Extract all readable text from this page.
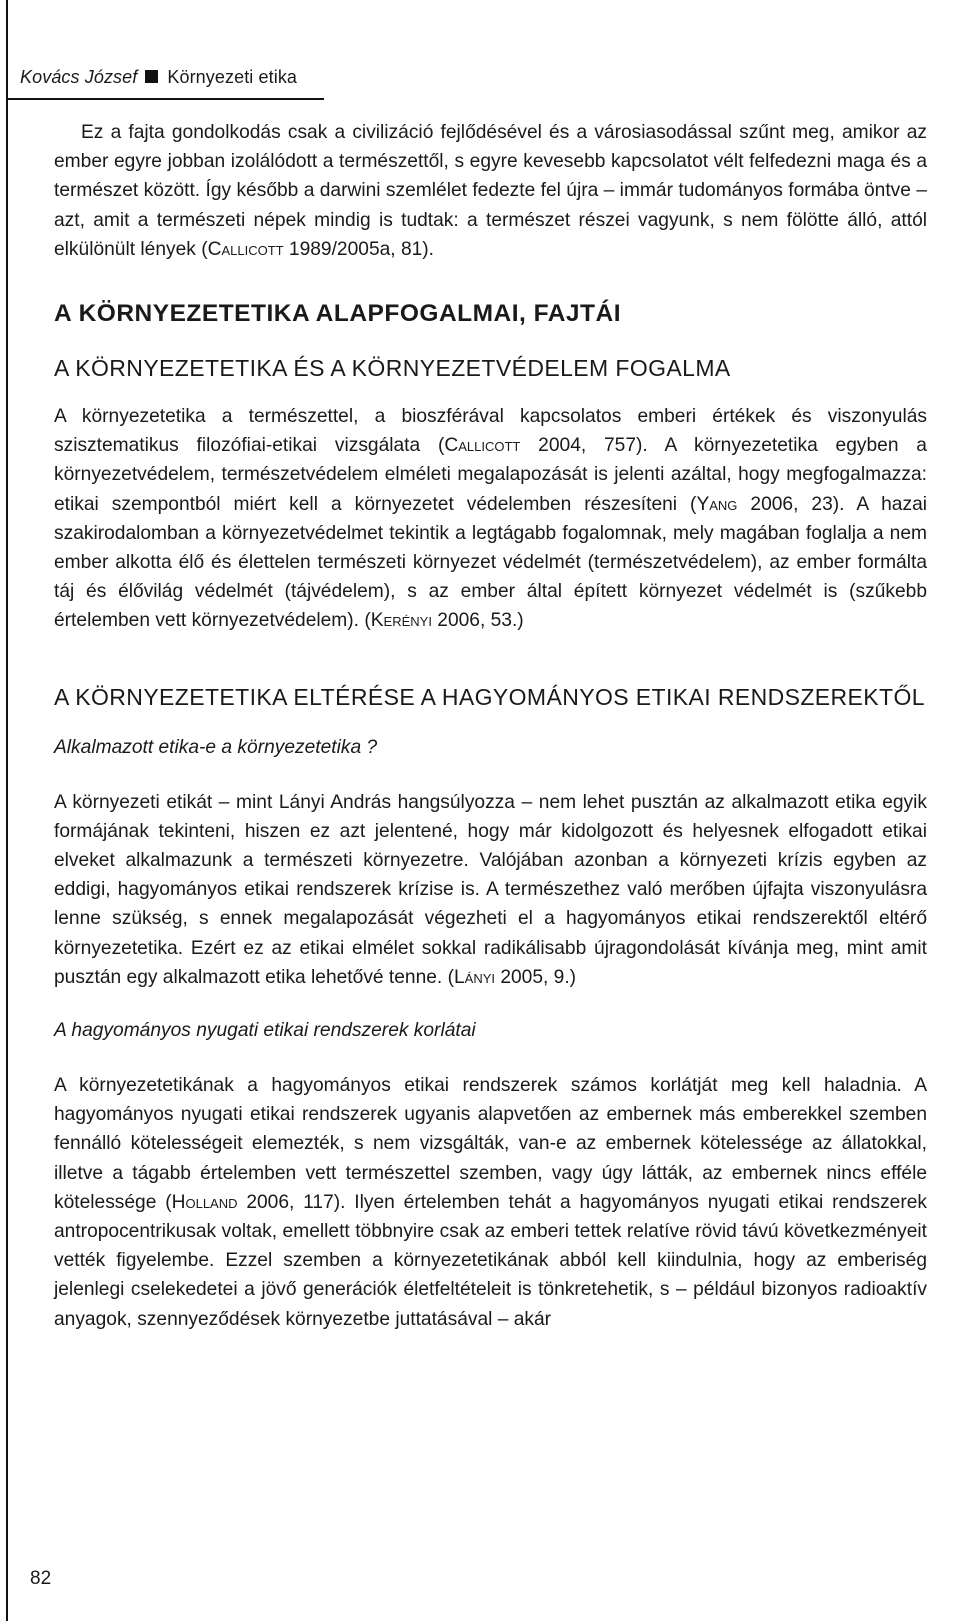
Kovács József Környezeti etika

Ez a fajta gondolkodás csak a civilizáció fejlődésével és a városiasodással szűnt meg, amikor az ember egyre jobban izolálódott a természettől, s egyre kevesebb kapcsolatot vélt felfedezni maga és a természet között. Így később a darwini szemlélet fedezte fel újra – immár tudományos formába öntve – azt, amit a természeti népek mindig is tudtak: a természet részei vagyunk, s nem fölötte álló, attól elkülönült lények (Callicott 1989/2005a, 81).

A KÖRNYEZETETIKA ALAPFOGALMAI, FAJTÁI
A KÖRNYEZETETIKA ÉS A KÖRNYEZETVÉDELEM FOGALMA

A környezetetika a természettel, a bioszférával kapcsolatos emberi értékek és viszonyulás szisztematikus filozófiai-etikai vizsgálata (Callicott 2004, 757). A környezetetika egyben a környezetvédelem, természetvédelem elméleti megalapozását is jelenti azáltal, hogy megfogalmazza: etikai szempontból miért kell a környezetet védelemben részesíteni (Yang 2006, 23). A hazai szakirodalomban a környezetvédelmet tekintik a legtágabb fogalomnak, mely magában foglalja a nem ember alkotta élő és élettelen természeti környezet védelmét (természetvédelem), az ember formálta táj és élővilág védelmét (tájvédelem), s az ember által épített környezet védelmét is (szűkebb értelemben vett környezetvédelem). (Kerényi 2006, 53.)

A KÖRNYEZETETIKA ELTÉRÉSE A HAGYOMÁNYOS ETIKAI RENDSZEREKTŐL
Alkalmazott etika-e a környezetetika ?

A környezeti etikát – mint Lányi András hangsúlyozza – nem lehet pusztán az alkalmazott etika egyik formájának tekinteni, hiszen ez azt jelentené, hogy már kidolgozott és helyesnek elfogadott etikai elveket alkalmazunk a természeti környezetre. Valójában azonban a környezeti krízis egyben az eddigi, hagyományos etikai rendszerek krízise is. A természethez való merőben újfajta viszonyulásra lenne szükség, s ennek megalapozását végezheti el a hagyományos etikai rendszerektől eltérő környezetetika. Ezért ez az etikai elmélet sokkal radikálisabb újragondolását kívánja meg, mint amit pusztán egy alkalmazott etika lehetővé tenne. (Lányi 2005, 9.)

A hagyományos nyugati etikai rendszerek korlátai

A környezetetikának a hagyományos etikai rendszerek számos korlátját meg kell haladnia. A hagyományos nyugati etikai rendszerek ugyanis alapvetően az embernek más emberekkel szemben fennálló kötelességeit elemezték, s nem vizsgálták, van-e az embernek kötelessége az állatokkal, illetve a tágabb értelemben vett természettel szemben, vagy úgy látták, az embernek nincs efféle kötelessége (Holland 2006, 117). Ilyen értelemben tehát a hagyományos nyugati etikai rendszerek antropocentrikusak voltak, emellett többnyire csak az emberi tettek relatíve rövid távú következményeit vették figyelembe. Ezzel szemben a környezetetikának abból kell kiindulnia, hogy az emberiség jelenlegi cselekedetei a jövő generációk életfeltételeit is tönkretehetik, s – például bizonyos radioaktív anyagok, szennyeződések környezetbe juttatásával – akár

82
